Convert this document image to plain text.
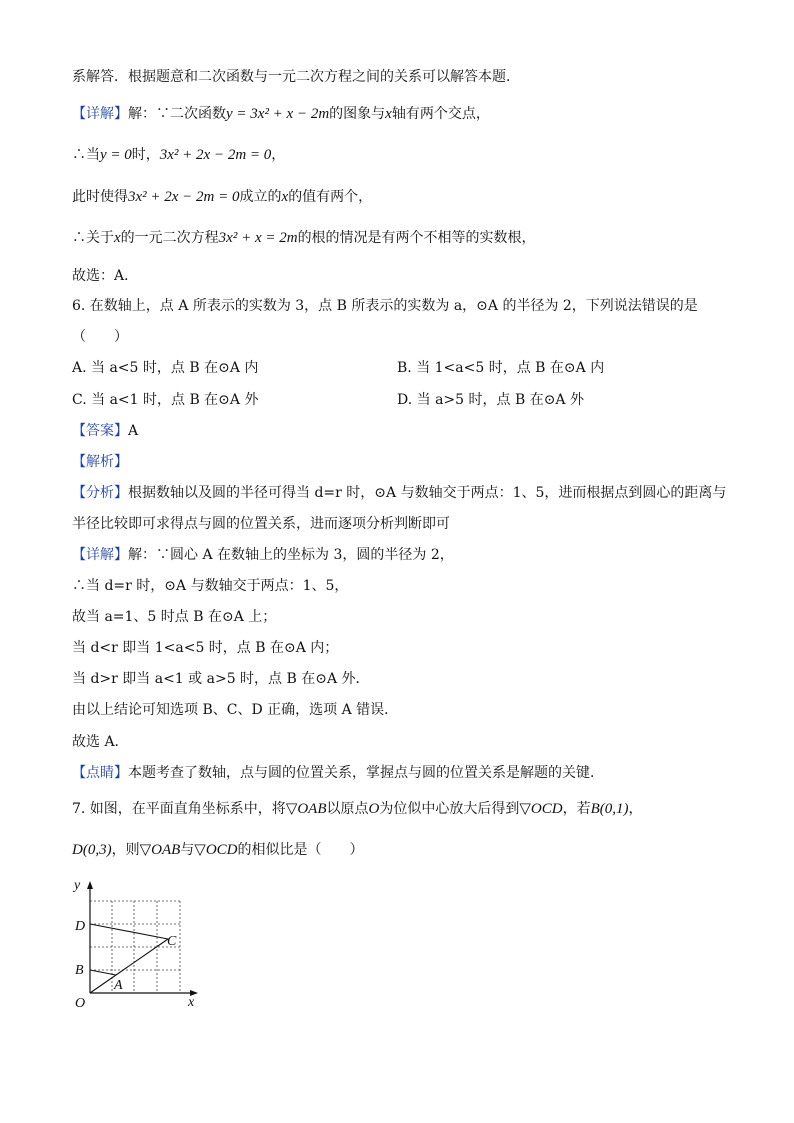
系解答．根据题意和二次函数与一元二次方程之间的关系可以解答本题．
【详解】解：∵二次函数y = 3x² + x − 2m的图象与x轴有两个交点，
∴当y = 0时，3x² + 2x − 2m = 0，
此时使得3x² + 2x − 2m = 0成立的x的值有两个，
∴关于x的一元二次方程3x² + x = 2m的根的情况是有两个不相等的实数根，
故选：A．
6. 在数轴上，点 A 所表示的实数为 3，点 B 所表示的实数为 a，⊙A 的半径为 2，下列说法错误的是
（　　）
A. 当 a<5 时，点 B 在⊙A 内	B. 当 1<a<5 时，点 B 在⊙A 内
C. 当 a<1 时，点 B 在⊙A 外	D. 当 a>5 时，点 B 在⊙A 外
【答案】A
【解析】
【分析】根据数轴以及圆的半径可得当 d=r 时，⊙A 与数轴交于两点：1、5，进而根据点到圆心的距离与
半径比较即可求得点与圆的位置关系，进而逐项分析判断即可
【详解】解：∵圆心 A 在数轴上的坐标为 3，圆的半径为 2，
∴当 d=r 时，⊙A 与数轴交于两点：1、5，
故当 a=1、5 时点 B 在⊙A 上；
当 d<r 即当 1<a<5 时，点 B 在⊙A 内；
当 d>r 即当 a<1 或 a>5 时，点 B 在⊙A 外．
由以上结论可知选项 B、C、D 正确，选项 A 错误．
故选 A．
【点睛】本题考查了数轴，点与圆的位置关系，掌握点与圆的位置关系是解题的关键．
7. 如图，在平面直角坐标系中，将▽OAB以原点O为位似中心放大后得到▽OCD，若B(0,1)，
D(0,3)，则▽OAB与▽OCD的相似比是（　　）
y
x
O
A
B
C
D
